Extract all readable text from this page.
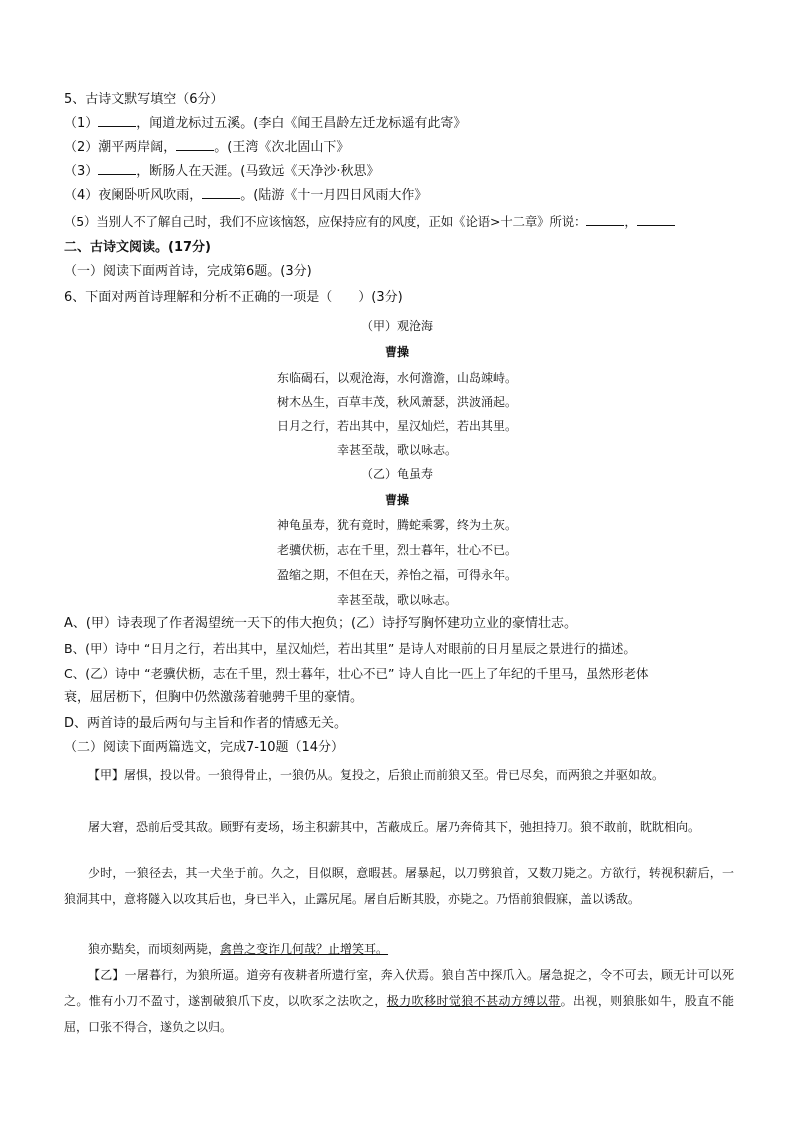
5、古诗文默写填空（6分）
（1）	，闻道龙标过五溪。(李白《闻王昌龄左迁龙标遥有此寄》
（2）潮平两岸阔，	。(王湾《次北固山下》
（3）	，断肠人在天涯。(马致远《天净沙·秋思》
（4）夜阑卧听风吹雨，	。(陆游《十一月四日风雨大作》
（5）当别人不了解自己时，我们不应该恼怒，应保持应有的风度，正如《论语>十二章》所说：	，
二、古诗文阅读。(17分)
（一）阅读下面两首诗，完成第6题。(3分)
6、下面对两首诗理解和分析不正确的一项是（　　）(3分)
（甲）观沧海
曹操
东临碣石，以观沧海，水何澹澹，山岛竦峙。
树木丛生，百草丰茂，秋风萧瑟，洪波涌起。
日月之行，若出其中，星汉灿烂，若出其里。
幸甚至哉，歌以咏志。
（乙）龟虽寿
曹操
神龟虽寿，犹有竟时，腾蛇乘雾，终为土灰。
老骥伏枥，志在千里，烈士暮年，壮心不已。
盈缩之期，不但在天，养怡之福，可得永年。
幸甚至哉，歌以咏志。
A、(甲）诗表现了作者渴望统一天下的伟大抱负；(乙）诗抒写胸怀建功立业的豪情壮志。
B、(甲）诗中 “日月之行，若出其中，星汉灿烂，若出其里” 是诗人对眼前的日月星辰之景进行的描述。
C、(乙）诗中 “老骥伏枥，志在千里，烈士暮年，壮心不已” 诗人自比一匹上了年纪的千里马，虽然形老体
衰，屈居枥下，但胸中仍然激荡着驰骋千里的豪情。
D、两首诗的最后两句与主旨和作者的情感无关。
（二）阅读下面两篇选文，完成7-10题（14分）
【甲】屠惧，投以骨。一狼得骨止，一狼仍从。复投之，后狼止而前狼又至。骨已尽矣，而两狼之并驱如故。
屠大窘，恐前后受其敌。顾野有麦场，场主积薪其中，苫蔽成丘。屠乃奔倚其下，弛担持刀。狼不敢前，眈眈相向。
少时，一狼径去，其一犬坐于前。久之，目似瞑，意暇甚。屠暴起，以刀劈狼首，又数刀毙之。方欲行，转视积薪后，一狼洞其中，意将隧入以攻其后也，身已半入，止露尻尾。屠自后断其股，亦毙之。乃悟前狼假寐，盖以诱敌。
狼亦黠矣，而顷刻两毙，禽兽之变诈几何哉？止增笑耳。
【乙】一屠暮行，为狼所逼。道旁有夜耕者所遗行室，奔入伏焉。狼自苫中探爪入。屠急捉之，令不可去，顾无计可以死之。惟有小刀不盈寸，遂割破狼爪下皮，以吹豕之法吹之，极力吹移时觉狼不甚动方缚以带。出视，则狼胀如牛，股直不能屈，口张不得合，遂负之以归。
